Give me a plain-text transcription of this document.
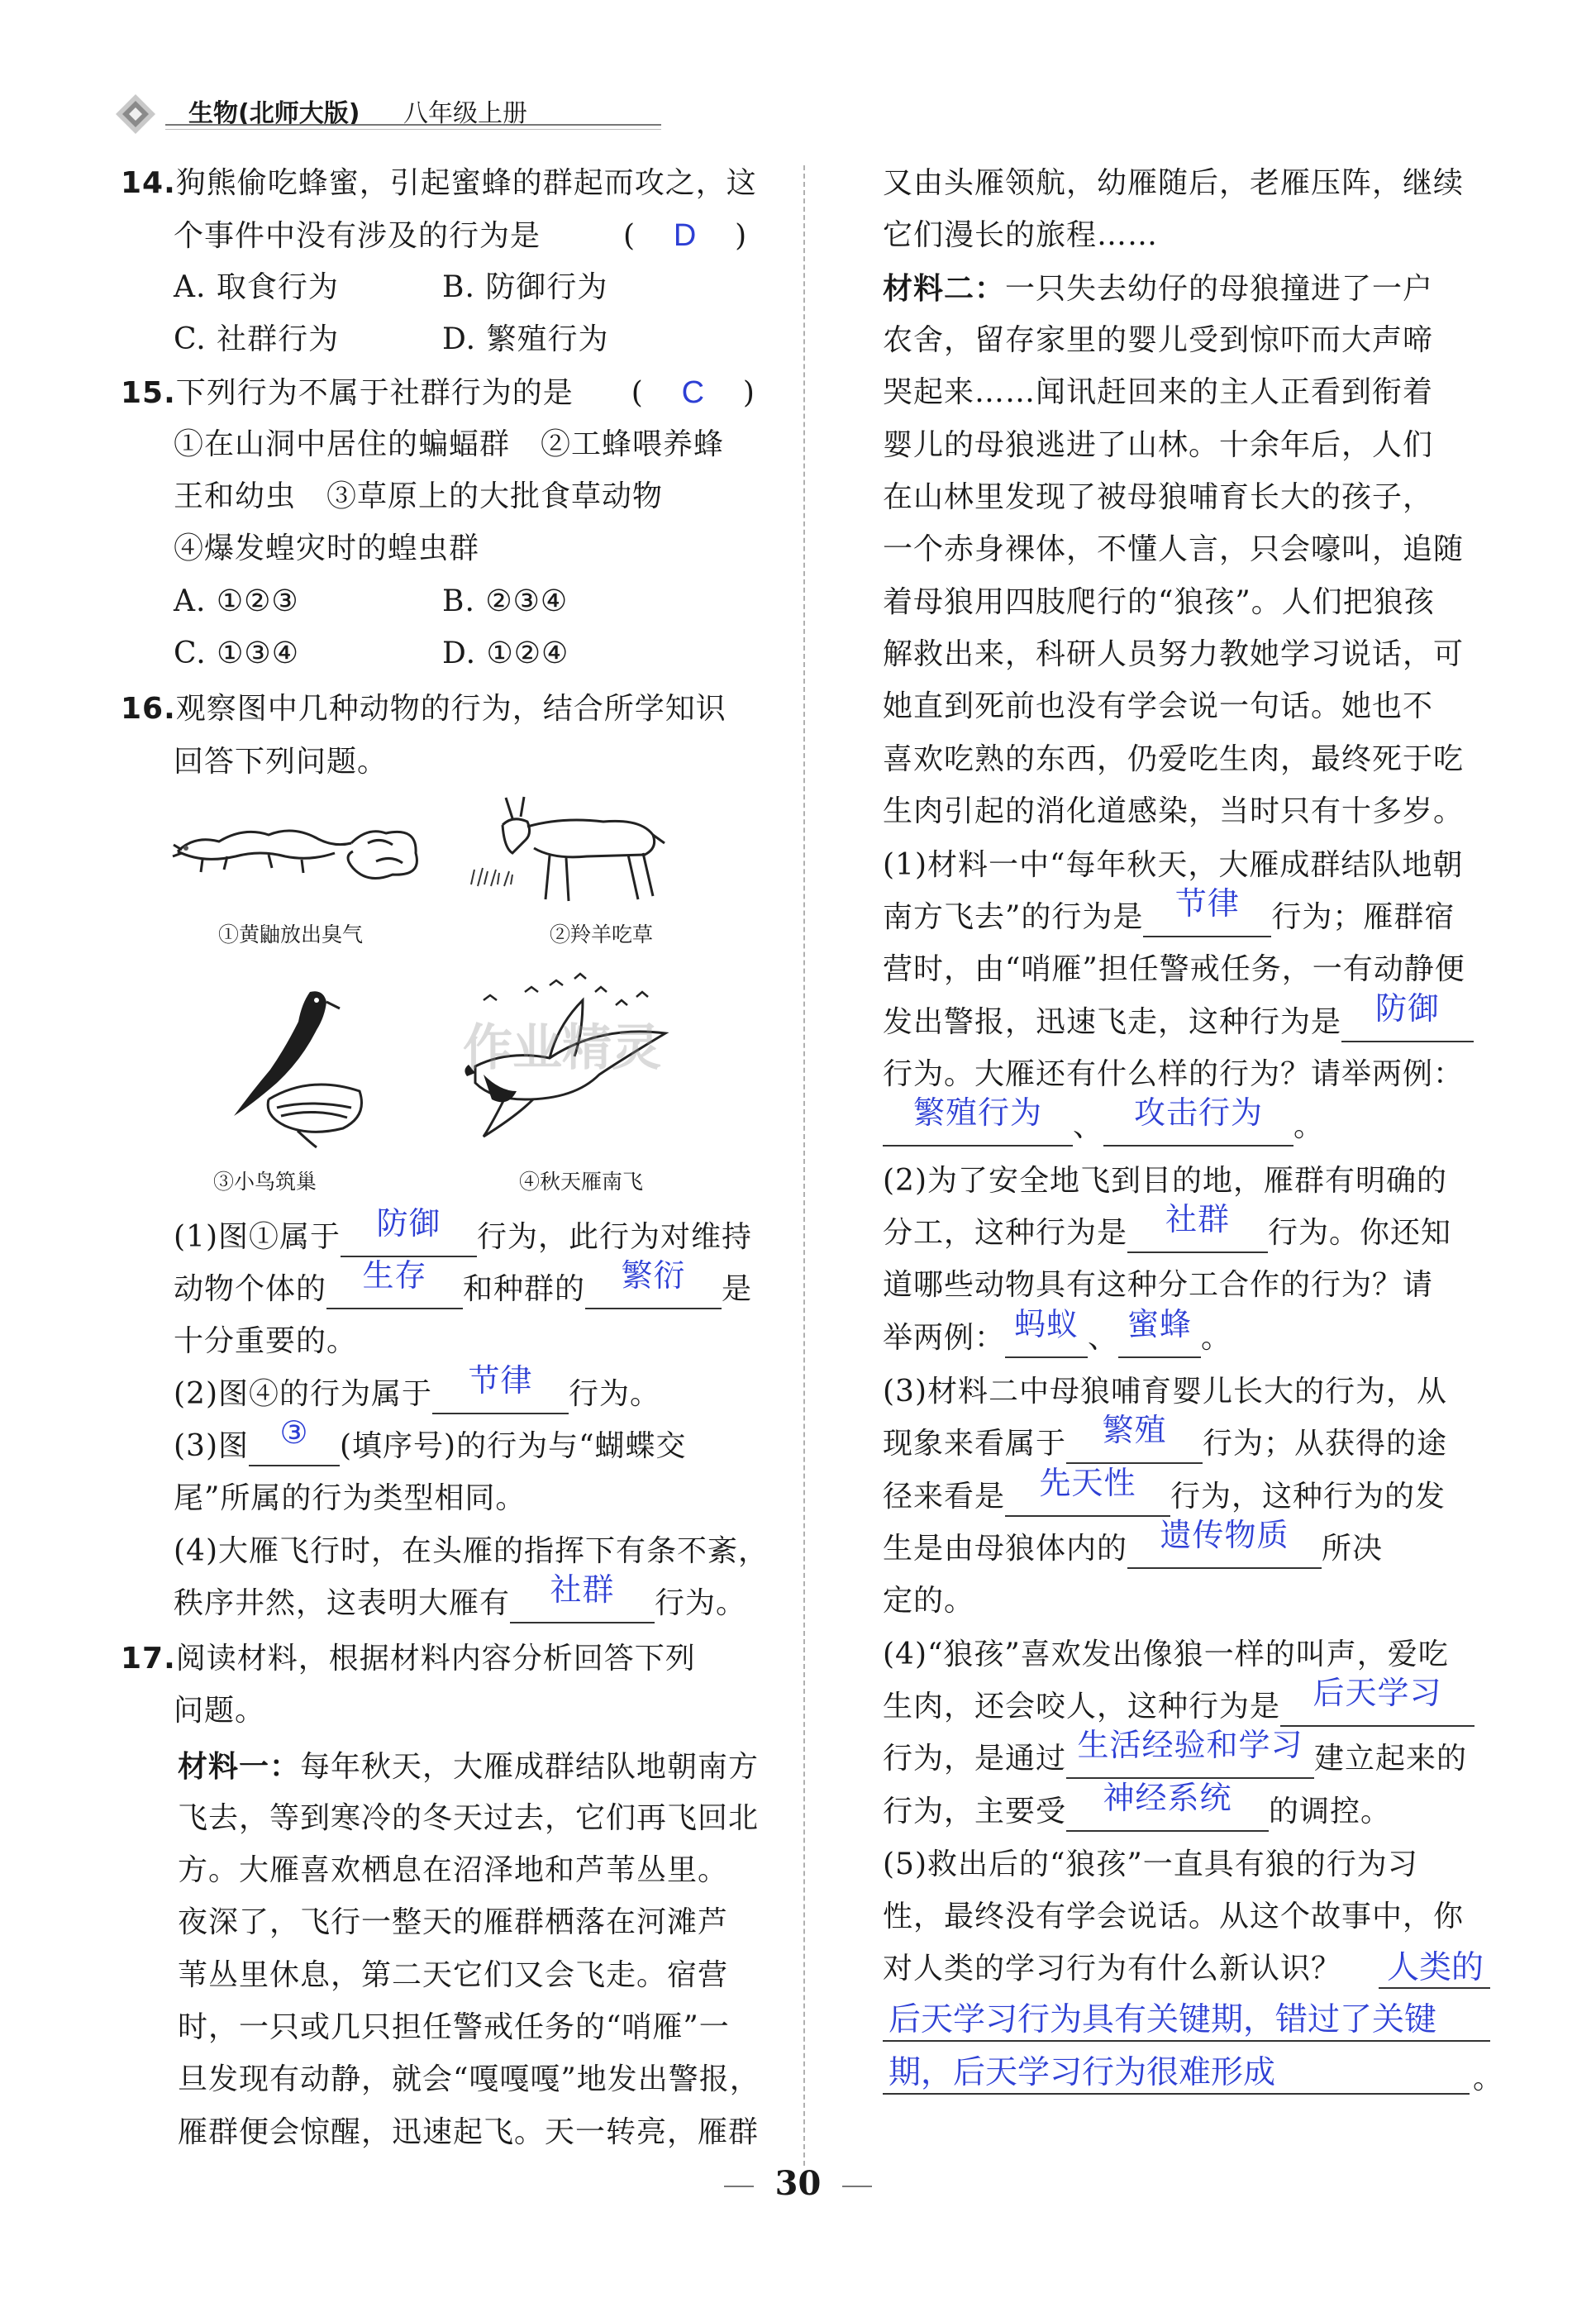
生物(北师大版) 八年级上册
14.狗熊偷吃蜂蜜，引起蜜蜂的群起而攻之，这
个事件中没有涉及的行为是	( D )
A. 取食行为	B. 防御行为
C. 社群行为	D. 繁殖行为
15.下列行为不属于社群行为的是 ( C )
①在山洞中居住的蝙蝠群　②工蜂喂养蜂
王和幼虫　③草原上的大批食草动物
④爆发蝗灾时的蝗虫群
A. ①②③	B. ②③④
C. ①③④	D. ①②④
16.观察图中几种动物的行为，结合所学知识
回答下列问题。
①黄鼬放出臭气	②羚羊吃草
③小鸟筑巢	④秋天雁南飞
作业精灵
(1)图①属于	防御	行为，此行为对维持
动物个体的	生存	和种群的	繁衍	是
十分重要的。
(2)图④的行为属于	节律	行为。
(3)图 ③	(填序号)的行为与“蝴蝶交
尾”所属的行为类型相同。
(4)大雁飞行时，在头雁的指挥下有条不紊，
秩序井然，这表明大雁有	社群	行为。
17.阅读材料，根据材料内容分析回答下列
问题。
材料一：每年秋天，大雁成群结队地朝南方
飞去，等到寒冷的冬天过去，它们再飞回北
方。大雁喜欢栖息在沼泽地和芦苇丛里。
夜深了，飞行一整天的雁群栖落在河滩芦
苇丛里休息，第二天它们又会飞走。宿营
时，一只或几只担任警戒任务的“哨雁”一
旦发现有动静，就会“嘎嘎嘎”地发出警报，
雁群便会惊醒，迅速起飞。天一转亮，雁群
又由头雁领航，幼雁随后，老雁压阵，继续
它们漫长的旅程……
材料二：一只失去幼仔的母狼撞进了一户
农舍，留存家里的婴儿受到惊吓而大声啼
哭起来……闻讯赶回来的主人正看到衔着
婴儿的母狼逃进了山林。十余年后，人们
在山林里发现了被母狼哺育长大的孩子，
一个赤身裸体，不懂人言，只会嚎叫，追随
着母狼用四肢爬行的“狼孩”。人们把狼孩
解救出来，科研人员努力教她学习说话，可
她直到死前也没有学会说一句话。她也不
喜欢吃熟的东西，仍爱吃生肉，最终死于吃
生肉引起的消化道感染，当时只有十多岁。
(1)材料一中“每年秋天，大雁成群结队地朝
南方飞去”的行为是	节律	行为；雁群宿
营时，由“哨雁”担任警戒任务，一有动静便
发出警报，迅速飞走，这种行为是	防御
行为。大雁还有什么样的行为？请举两例：
繁殖行为	、 攻击行为	。
(2)为了安全地飞到目的地，雁群有明确的
分工，这种行为是	社群	行为。你还知
道哪些动物具有这种分工合作的行为？请
举两例： 蚂蚁 、 蜜蜂 。
(3)材料二中母狼哺育婴儿长大的行为，从
现象来看属于	繁殖	行为；从获得的途
径来看是	先天性	行为，这种行为的发
生是由母狼体内的	遗传物质	所决
定的。
(4)“狼孩”喜欢发出像狼一样的叫声，爱吃
生肉，还会咬人，这种行为是	后天学习
行为，是通过 生活经验和学习 建立起来的
行为，主要受	神经系统	的调控。
(5)救出后的“狼孩”一直具有狼的行为习
性，最终没有学会说话。从这个故事中，你
对人类的学习行为有什么新认识？ 人类的
后天学习行为具有关键期，错过了关键
期，后天学习行为很难形成	。
30
